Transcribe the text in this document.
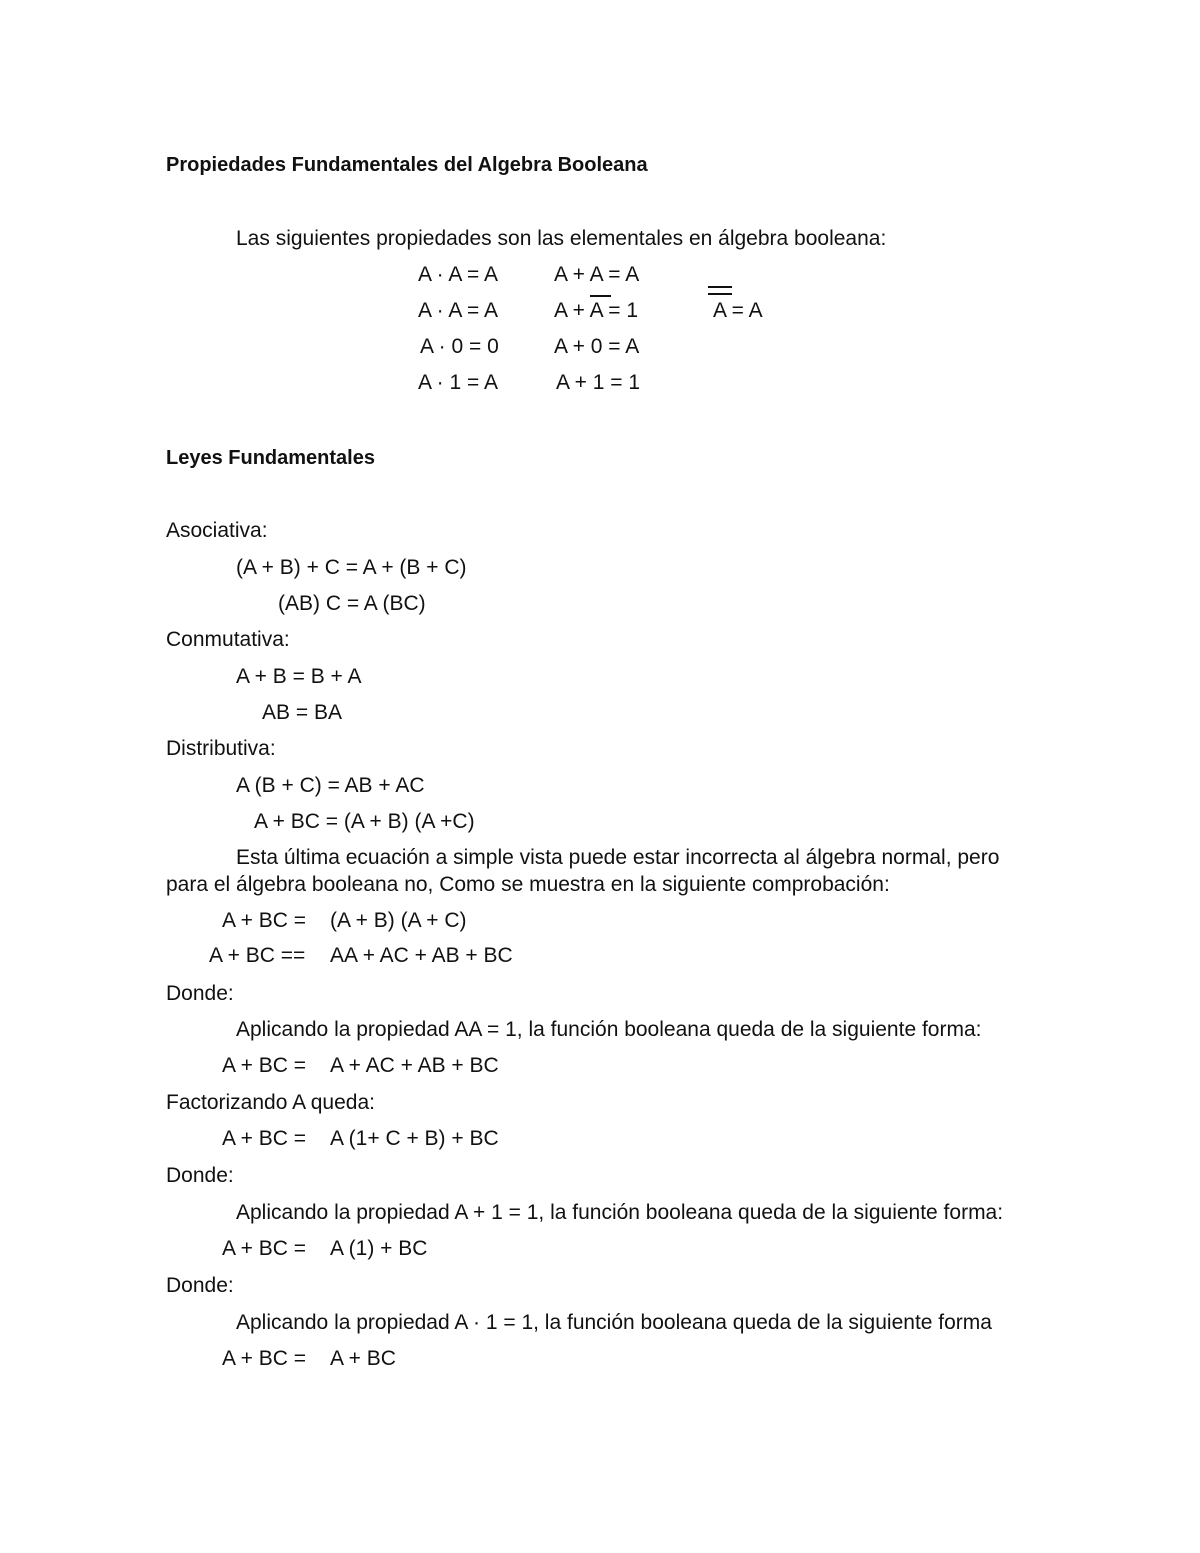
Propiedades Fundamentales del Algebra Booleana
Las siguientes propiedades son las elementales en álgebra booleana:
A · A = A	A + A = A
A · A = A	A + A = 1	A = A
A · 0 = 0	A + 0 = A
A · 1 = A	A + 1 = 1
Leyes Fundamentales
Asociativa:
(A + B) + C = A + (B + C)
(AB) C = A (BC)
Conmutativa:
A + B = B + A
AB = BA
Distributiva:
A (B + C) = AB + AC
A + BC = (A + B) (A +C)
Esta última ecuación a simple vista puede estar incorrecta al álgebra normal, pero
para el álgebra booleana no, Como se muestra en la siguiente comprobación:
A + BC = (A + B) (A + C)
A + BC == AA + AC + AB + BC
Donde:
Aplicando la propiedad AA = 1, la función booleana queda de la siguiente forma:
A + BC = A + AC + AB + BC
Factorizando A queda:
A + BC = A (1+ C + B) + BC
Donde:
Aplicando la propiedad A + 1 = 1, la función booleana queda de la siguiente forma:
A + BC = A (1) + BC
Donde:
Aplicando la propiedad A · 1 = 1, la función booleana queda de la siguiente forma
A + BC = A + BC
